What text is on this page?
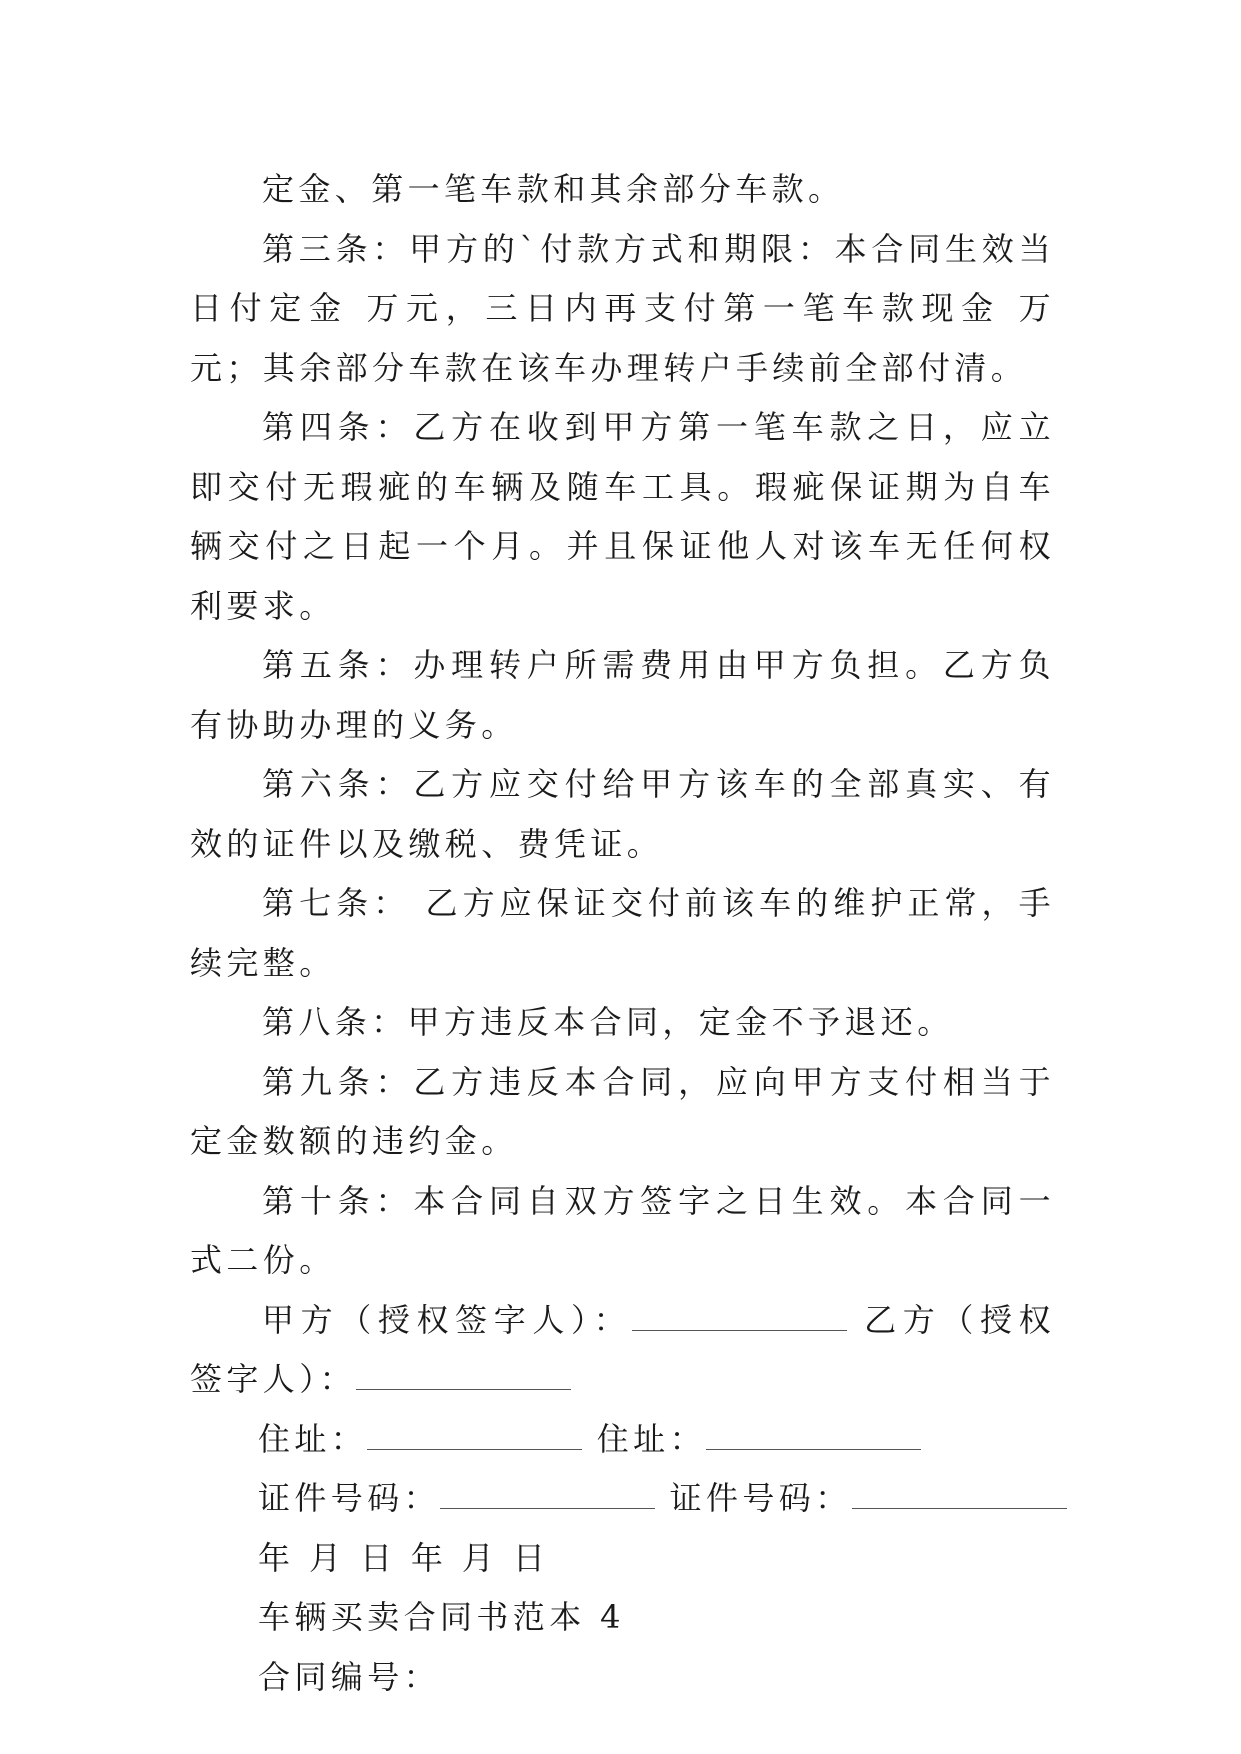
定金、第一笔车款和其余部分车款。

第三条：甲方的`付款方式和期限：本合同生效当日付定金 万元，三日内再支付第一笔车款现金 万元；其余部分车款在该车办理转户手续前全部付清。

第四条：乙方在收到甲方第一笔车款之日，应立即交付无瑕疵的车辆及随车工具。瑕疵保证期为自车辆交付之日起一个月。并且保证他人对该车无任何权利要求。

第五条：办理转户所需费用由甲方负担。乙方负有协助办理的义务。

第六条：乙方应交付给甲方该车的全部真实、有效的证件以及缴税、费凭证。

第七条： 乙方应保证交付前该车的维护正常，手续完整。

第八条：甲方违反本合同，定金不予退还。

第九条：乙方违反本合同，应向甲方支付相当于定金数额的违约金。

第十条：本合同自双方签字之日生效。本合同一式二份。

甲方（授权签字人）：	乙方（授权签字人）：

住址：	住址：

证件号码：	证件号码：

年 月 日 年 月 日

车辆买卖合同书范本 4

合同编号：
